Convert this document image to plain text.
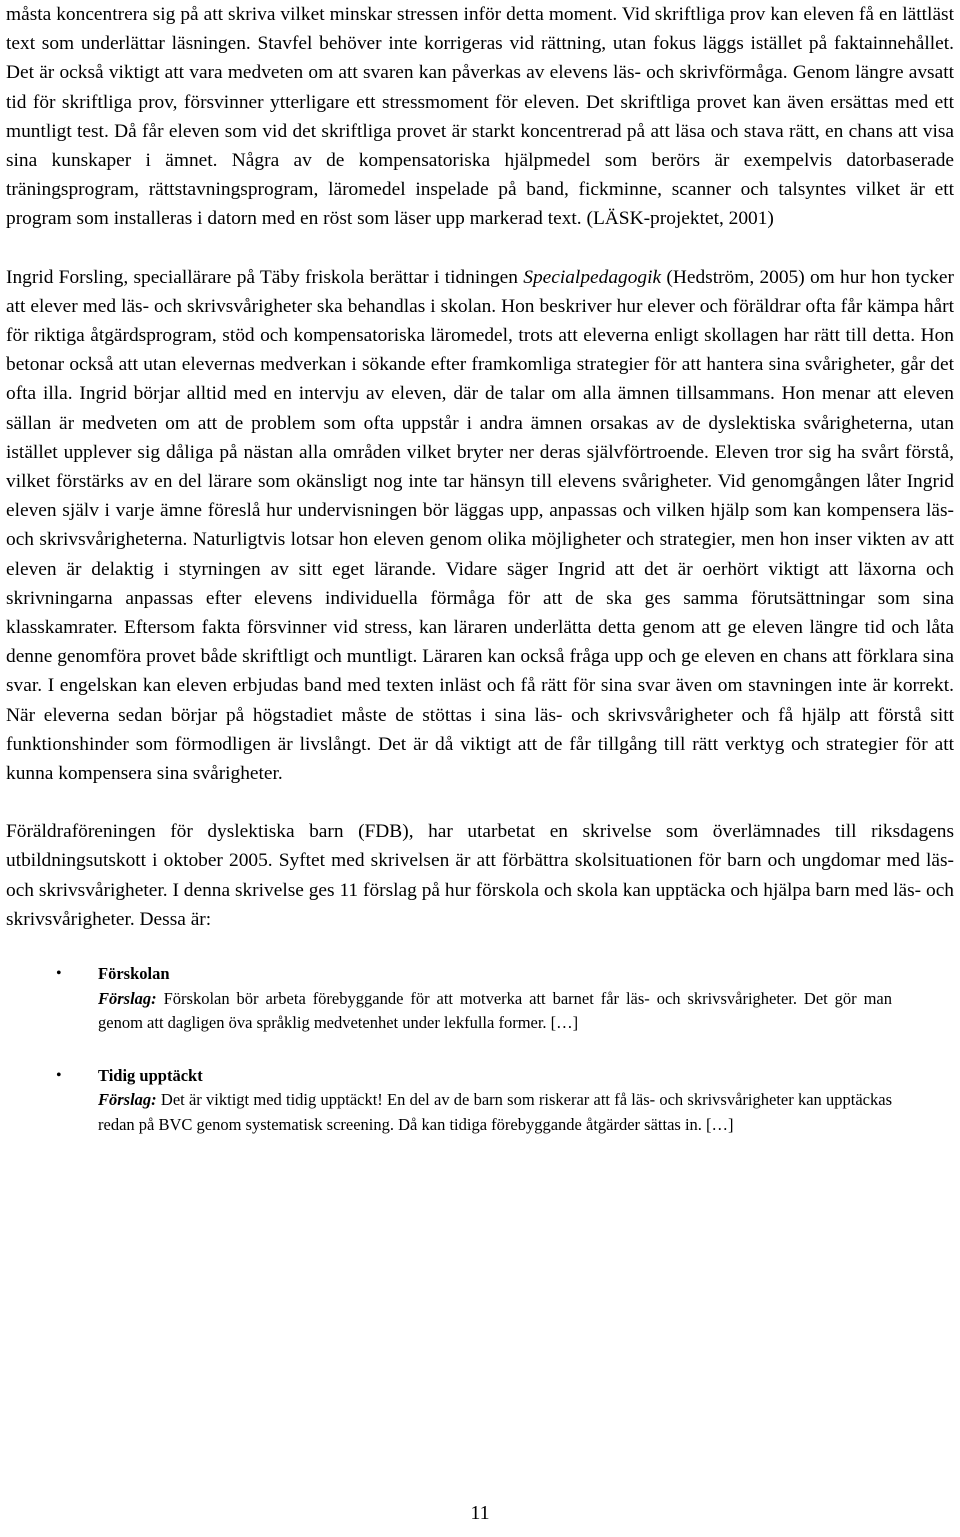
måsta koncentrera sig på att skriva vilket minskar stressen inför detta moment. Vid skriftliga prov kan eleven få en lättläst text som underlättar läsningen. Stavfel behöver inte korrigeras vid rättning, utan fokus läggs istället på faktainnehållet. Det är också viktigt att vara medveten om att svaren kan påverkas av elevens läs- och skrivförmåga. Genom längre avsatt tid för skriftliga prov, försvinner ytterligare ett stressmoment för eleven. Det skriftliga provet kan även ersättas med ett muntligt test. Då får eleven som vid det skriftliga provet är starkt koncentrerad på att läsa och stava rätt, en chans att visa sina kunskaper i ämnet. Några av de kompensatoriska hjälpmedel som berörs är exempelvis datorbaserade träningsprogram, rättstavningsprogram, läromedel inspelade på band, fickminne, scanner och talsyntes vilket är ett program som installeras i datorn med en röst som läser upp markerad text. (LÄSK-projektet, 2001)

Ingrid Forsling, speciallärare på Täby friskola berättar i tidningen Specialpedagogik (Hedström, 2005) om hur hon tycker att elever med läs- och skrivsvårigheter ska behandlas i skolan. Hon beskriver hur elever och föräldrar ofta får kämpa hårt för riktiga åtgärdsprogram, stöd och kompensatoriska läromedel, trots att eleverna enligt skollagen har rätt till detta. Hon betonar också att utan elevernas medverkan i sökande efter framkomliga strategier för att hantera sina svårigheter, går det ofta illa. Ingrid börjar alltid med en intervju av eleven, där de talar om alla ämnen tillsammans. Hon menar att eleven sällan är medveten om att de problem som ofta uppstår i andra ämnen orsakas av de dyslektiska svårigheterna, utan istället upplever sig dåliga på nästan alla områden vilket bryter ner deras självförtroende. Eleven tror sig ha svårt förstå, vilket förstärks av en del lärare som okänsligt nog inte tar hänsyn till elevens svårigheter. Vid genomgången låter Ingrid eleven själv i varje ämne föreslå hur undervisningen bör läggas upp, anpassas och vilken hjälp som kan kompensera läs- och skrivsvårigheterna. Naturligtvis lotsar hon eleven genom olika möjligheter och strategier, men hon inser vikten av att eleven är delaktig i styrningen av sitt eget lärande. Vidare säger Ingrid att det är oerhört viktigt att läxorna och skrivningarna anpassas efter elevens individuella förmåga för att de ska ges samma förutsättningar som sina klasskamrater. Eftersom fakta försvinner vid stress, kan läraren underlätta detta genom att ge eleven längre tid och låta denne genomföra provet både skriftligt och muntligt. Läraren kan också fråga upp och ge eleven en chans att förklara sina svar. I engelskan kan eleven erbjudas band med texten inläst och få rätt för sina svar även om stavningen inte är korrekt. När eleverna sedan börjar på högstadiet måste de stöttas i sina läs- och skrivsvårigheter och få hjälp att förstå sitt funktionshinder som förmodligen är livslångt. Det är då viktigt att de får tillgång till rätt verktyg och strategier för att kunna kompensera sina svårigheter.

Föräldraföreningen för dyslektiska barn (FDB), har utarbetat en skrivelse som överlämnades till riksdagens utbildningsutskott i oktober 2005. Syftet med skrivelsen är att förbättra skolsituationen för barn och ungdomar med läs- och skrivsvårigheter. I denna skrivelse ges 11 förslag på hur förskola och skola kan upptäcka och hjälpa barn med läs- och skrivsvårigheter. Dessa är:

• Förskolan

Förslag: Förskolan bör arbeta förebyggande för att motverka att barnet får läs- och skrivsvårigheter. Det gör man genom att dagligen öva språklig medvetenhet under lekfulla former. […]

• Tidig upptäckt

Förslag: Det är viktigt med tidig upptäckt! En del av de barn som riskerar att få läs- och skrivsvårigheter kan upptäckas redan på BVC genom systematisk screening. Då kan tidiga förebyggande åtgärder sättas in. […]

11
